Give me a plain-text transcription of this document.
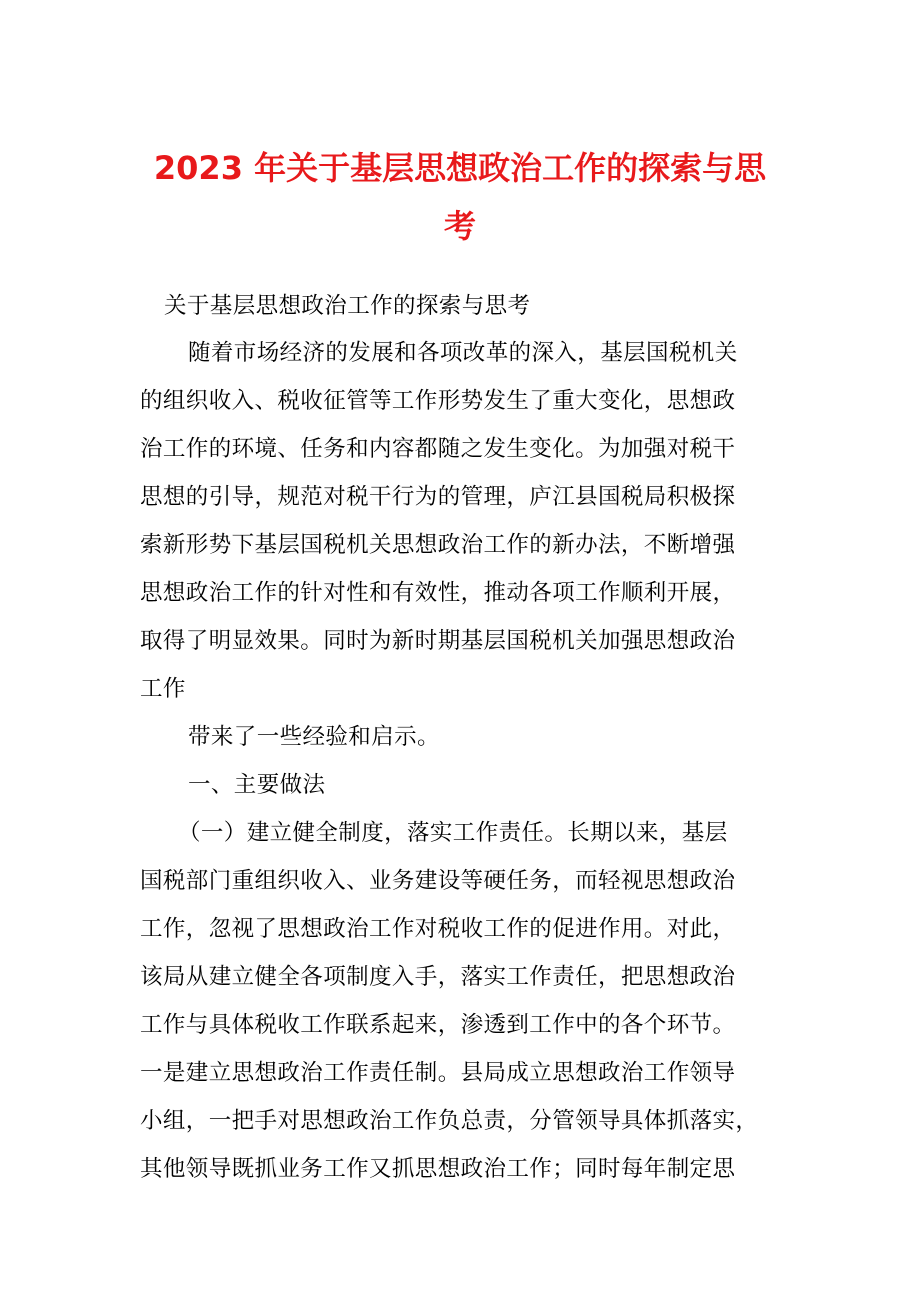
2023 年关于基层思想政治工作的探索与思
考
关于基层思想政治工作的探索与思考
随着市场经济的发展和各项改革的深入，基层国税机关
的组织收入、税收征管等工作形势发生了重大变化，思想政
治工作的环境、任务和内容都随之发生变化。为加强对税干
思想的引导，规范对税干行为的管理，庐江县国税局积极探
索新形势下基层国税机关思想政治工作的新办法，不断增强
思想政治工作的针对性和有效性，推动各项工作顺利开展，
取得了明显效果。同时为新时期基层国税机关加强思想政治
工作
带来了一些经验和启示。
一、主要做法
（一）建立健全制度，落实工作责任。长期以来，基层
国税部门重组织收入、业务建设等硬任务，而轻视思想政治
工作，忽视了思想政治工作对税收工作的促进作用。对此，
该局从建立健全各项制度入手，落实工作责任，把思想政治
工作与具体税收工作联系起来，渗透到工作中的各个环节。
一是建立思想政治工作责任制。县局成立思想政治工作领导
小组，一把手对思想政治工作负总责，分管领导具体抓落实，
其他领导既抓业务工作又抓思想政治工作；同时每年制定思
